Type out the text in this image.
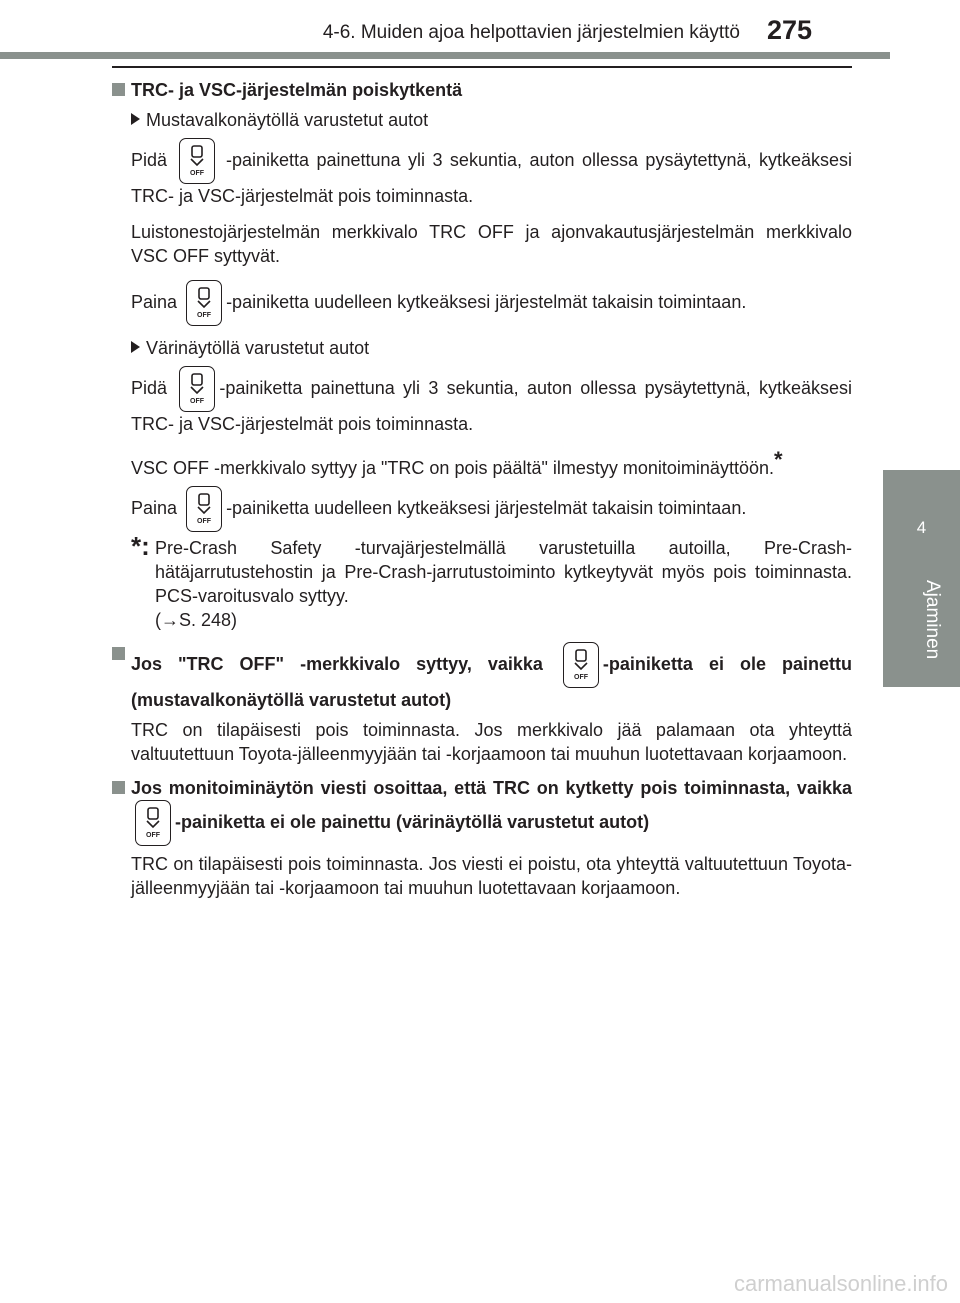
4-6. Muiden ajoa helpottavien järjestelmien käyttö 275
4
Ajaminen
TRC- ja VSC-järjestelmän poiskytkentä
Mustavalkonäytöllä varustetut autot
Pidä
OFF
-painiketta painettuna yli 3 sekuntia, auton ollessa pysäytettynä, kytkeäksesi TRC- ja VSC-järjestelmät pois toiminnasta.
Luistonestojärjestelmän merkkivalo TRC OFF ja ajonvakautusjärjestelmän merkkivalo VSC OFF syttyvät.
Paina
OFF
-painiketta uudelleen kytkeäksesi järjestelmät takaisin toimintaan.
Värinäytöllä varustetut autot
Pidä
OFF
-painiketta painettuna yli 3 sekuntia, auton ollessa pysäytettynä, kytkeäksesi TRC- ja VSC-järjestelmät pois toiminnasta.
VSC OFF -merkkivalo syttyy ja "TRC on pois päältä" ilmestyy monitoiminäyttöön.*
Paina
OFF
-painiketta uudelleen kytkeäksesi järjestelmät takaisin toimintaan.
*: Pre-Crash Safety -turvajärjestelmällä varustetuilla autoilla, Pre-Crash-hätäjarrutustehostin ja Pre-Crash-jarrutustoiminto kytkeytyvät myös pois toiminnasta. PCS-varoitusvalo syttyy.
(→S. 248)
Jos "TRC OFF" -merkkivalo syttyy, vaikka
OFF
-painiketta ei ole painettu (mustavalkonäytöllä varustetut autot)
TRC on tilapäisesti pois toiminnasta. Jos merkkivalo jää palamaan ota yhteyttä valtuutettuun Toyota-jälleenmyyjään tai -korjaamoon tai muuhun luotettavaan korjaamoon.
Jos monitoiminäytön viesti osoittaa, että TRC on kytketty pois toiminnasta, vaikka
OFF
-painiketta ei ole painettu (värinäytöllä varustetut autot)
TRC on tilapäisesti pois toiminnasta. Jos viesti ei poistu, ota yhteyttä valtuutettuun Toyota-jälleenmyyjään tai -korjaamoon tai muuhun luotettavaan korjaamoon.
carmanualsonline.info
